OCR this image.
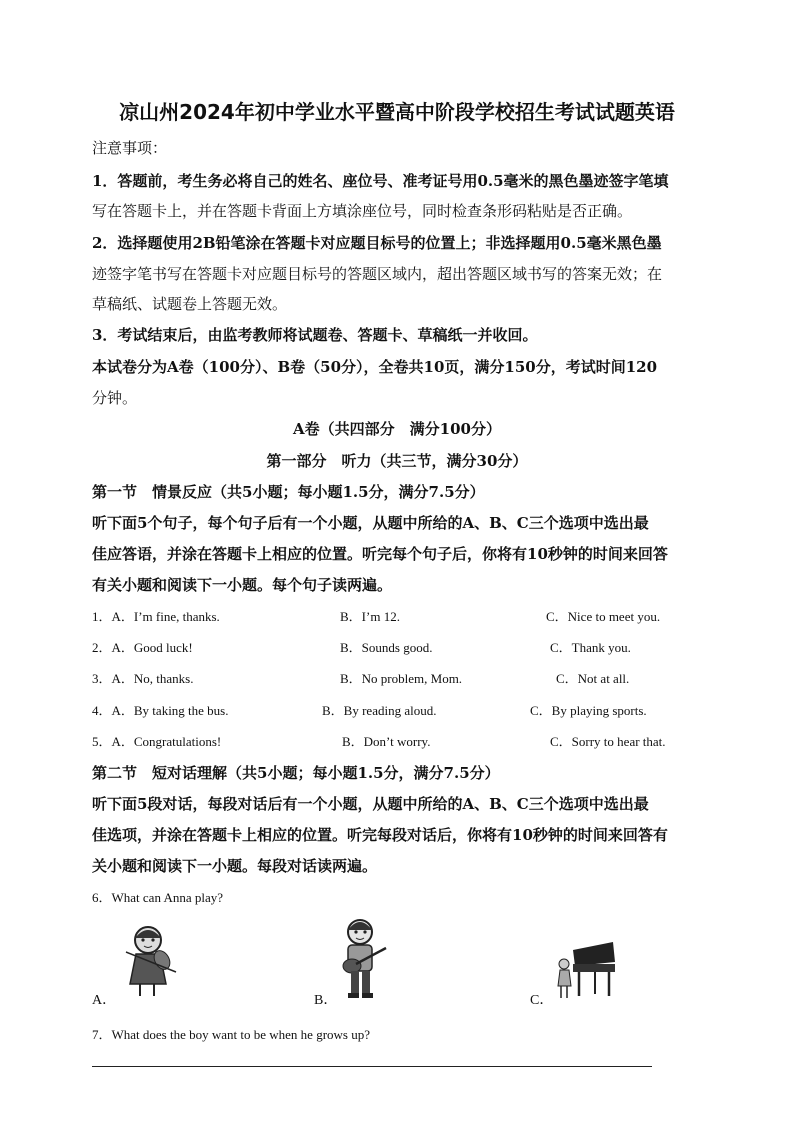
凉山州2024年初中学业水平暨高中阶段学校招生考试试题英语
注意事项：
1．答题前，考生务必将自己的姓名、座位号、准考证号用0.5毫米的黑色墨迹签字笔填
写在答题卡上，并在答题卡背面上方填涂座位号，同时检查条形码粘贴是否正确。
2．选择题使用2B铅笔涂在答题卡对应题目标号的位置上；非选择题用0.5毫米黑色墨
迹签字笔书写在答题卡对应题目标号的答题区域内，超出答题区域书写的答案无效；在
草稿纸、试题卷上答题无效。
3．考试结束后，由监考教师将试题卷、答题卡、草稿纸一并收回。
本试卷分为A卷（100分）、B卷（50分），全卷共10页，满分150分，考试时间120
分钟。
A卷（共四部分　满分100分）
第一部分　听力（共三节，满分30分）
第一节　情景反应（共5小题；每小题1.5分，满分7.5分）
听下面5个句子，每个句子后有一个小题，从题中所给的A、B、C三个选项中选出最
佳应答语，并涂在答题卡上相应的位置。听完每个句子后，你将有10秒钟的时间来回答
有关小题和阅读下一小题。每个句子读两遍。
1．A．I’m fine, thanks.	B．I’m 12.	C．Nice to meet you.
2．A．Good luck!	B．Sounds good.	C．Thank you.
3．A．No, thanks.	B．No problem, Mom.	C．Not at all.
4．A．By taking the bus.	B．By reading aloud.	C．By playing sports.
5．A．Congratulations!	B．Don’t worry.	C．Sorry to hear that.
第二节　短对话理解（共5小题；每小题1.5分，满分7.5分）
听下面5段对话，每段对话后有一个小题，从题中所给的A、B、C三个选项中选出最
佳选项，并涂在答题卡上相应的位置。听完每段对话后，你将有10秒钟的时间来回答有
关小题和阅读下一小题。每段对话读两遍。
6．What can Anna play?
A．	B．	C．
7．What does the boy want to be when he grows up?
